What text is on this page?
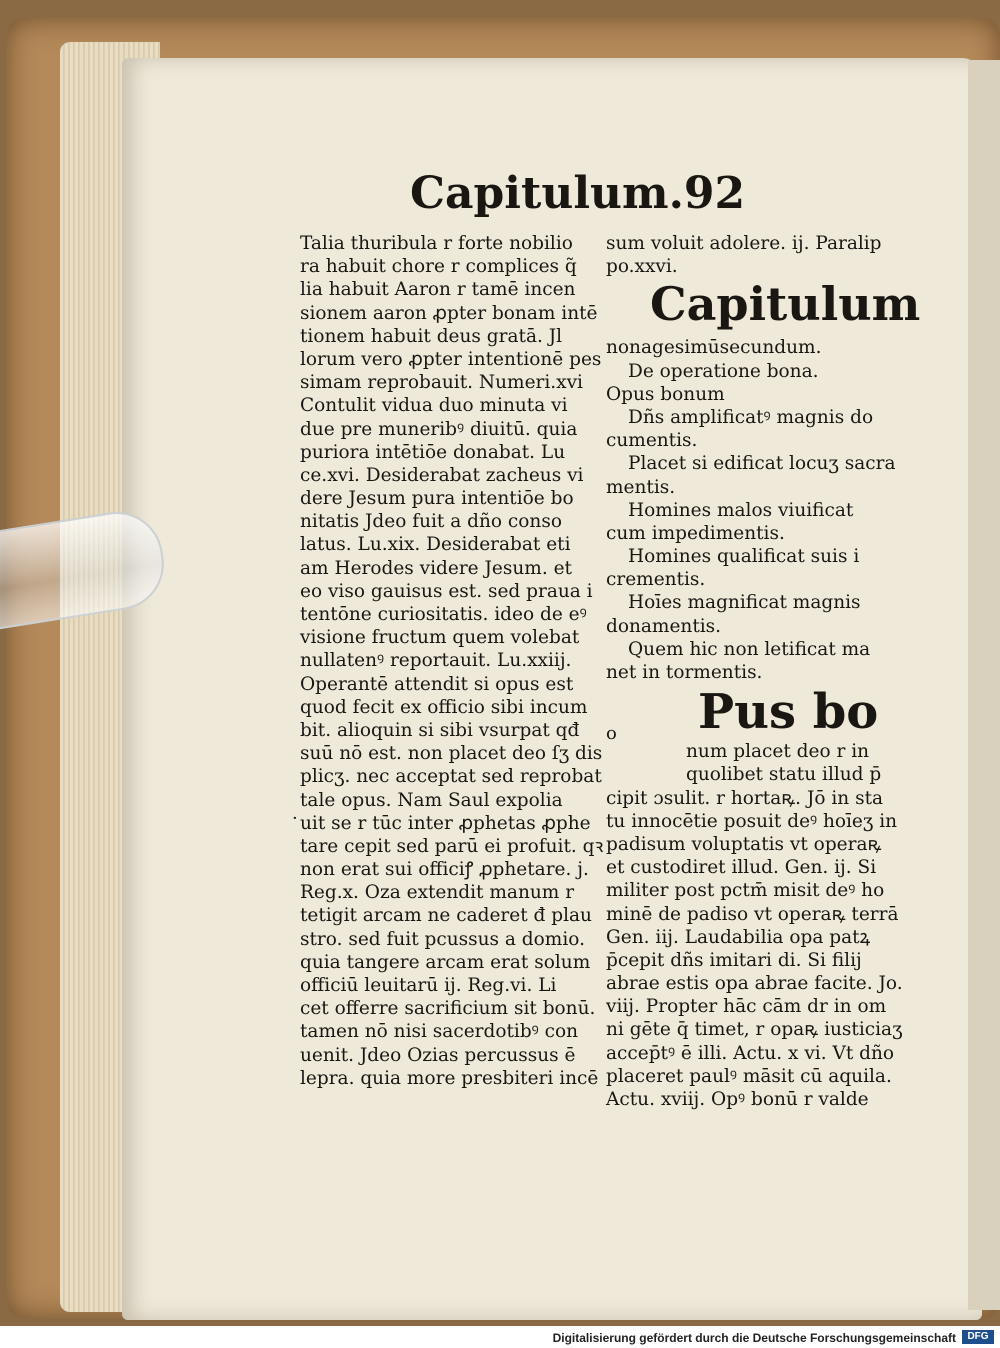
Capitulum.92
Talia thuribula r forte nobilio
ra habuit chore r complices q̃
lia habuit Aaron r tamē incen
sionem aaron ꝓpter bonam intē
tionem habuit deus gratā. Jl
lorum vero ꝓpter intentionē pes
simam reprobauit. Numeri.xvi
Contulit vidua duo minuta vi
due pre muneribꝰ diuitū. quia
puriora intētiōe donabat. Lu
ce.xvi. Desiderabat zacheus vi
dere Jesum pura intentiōe bo
nitatis Jdeo fuit a dño conso
latus. Lu.xix. Desiderabat eti
am Herodes videre Jesum. et
eo viso gauisus est. sed praua i
tentōne curiositatis. ideo de eꝰ
visione fructum quem volebat
nullatenꝰ reportauit. Lu.xxiij.
Operantē attendit si opus est
quod fecit ex officio sibi incum
bit. alioquin si sibi vsurpat qđ
suū nō est. non placet deo ſʒ dis
plicʒ. nec acceptat sed reprobat
tale opus. Nam Saul expolia
uit se r tūc inter ꝓphetas ꝓphe
tare cepit sed parū ei profuit. qꝛ
non erat sui officiꝭ ꝓphetare. j.
Reg.x. Oza extendit manum r
tetigit arcam ne caderet đ plau
stro. sed fuit pcussus a domio.
quia tangere arcam erat solum
officiū leuitarū ij. Reg.vi. Li
cet offerre sacrificium sit bonū.
tamen nō nisi sacerdotibꝰ con
uenit. Jdeo Ozias percussus ē
lepra. quia more presbiteri incē
sum voluit adolere. ij. Paralip
po.xxvi.
Capitulum
nonagesimūsecundum.
De operatione bona.
Opus bonum
Dñs amplificatꝰ magnis do
cumentis.
Placet si edificat locuʒ sacra
mentis.
Homines malos viuificat
cum impedimentis.
Homines qualificat suis i
crementis.
Hoīes magnificat magnis
donamentis.
Quem hic non letificat ma
net in tormentis.
Pus bo
o
num placet deo r in
quolibet statu illud p̄
cipit ɔsulit. r hortaꝶ. Jō in sta
tu innocētie posuit deꝰ hoīeʒ in
padisum voluptatis vt operaꝶ
et custodiret illud. Gen. ij. Si
militer post pctm̄ misit deꝰ ho
minē de padiso vt operaꝶ terrā
Gen. iij. Laudabilia opa patꝝ
p̄cepit dñs imitari di. Si filij
abrae estis opa abrae facite. Jo.
viij. Propter hāc cām dr in om
ni gēte q̄ timet, r opaꝶ iusticiaʒ
accep̄tꝰ ē illi. Actu. x vi. Vt dño
placeret paulꝰ māsit cū aquila.
Actu. xviij. Opꝰ bonū r valde
·
Digitalisierung gefördert durch die Deutsche Forschungsgemeinschaft	DFG
